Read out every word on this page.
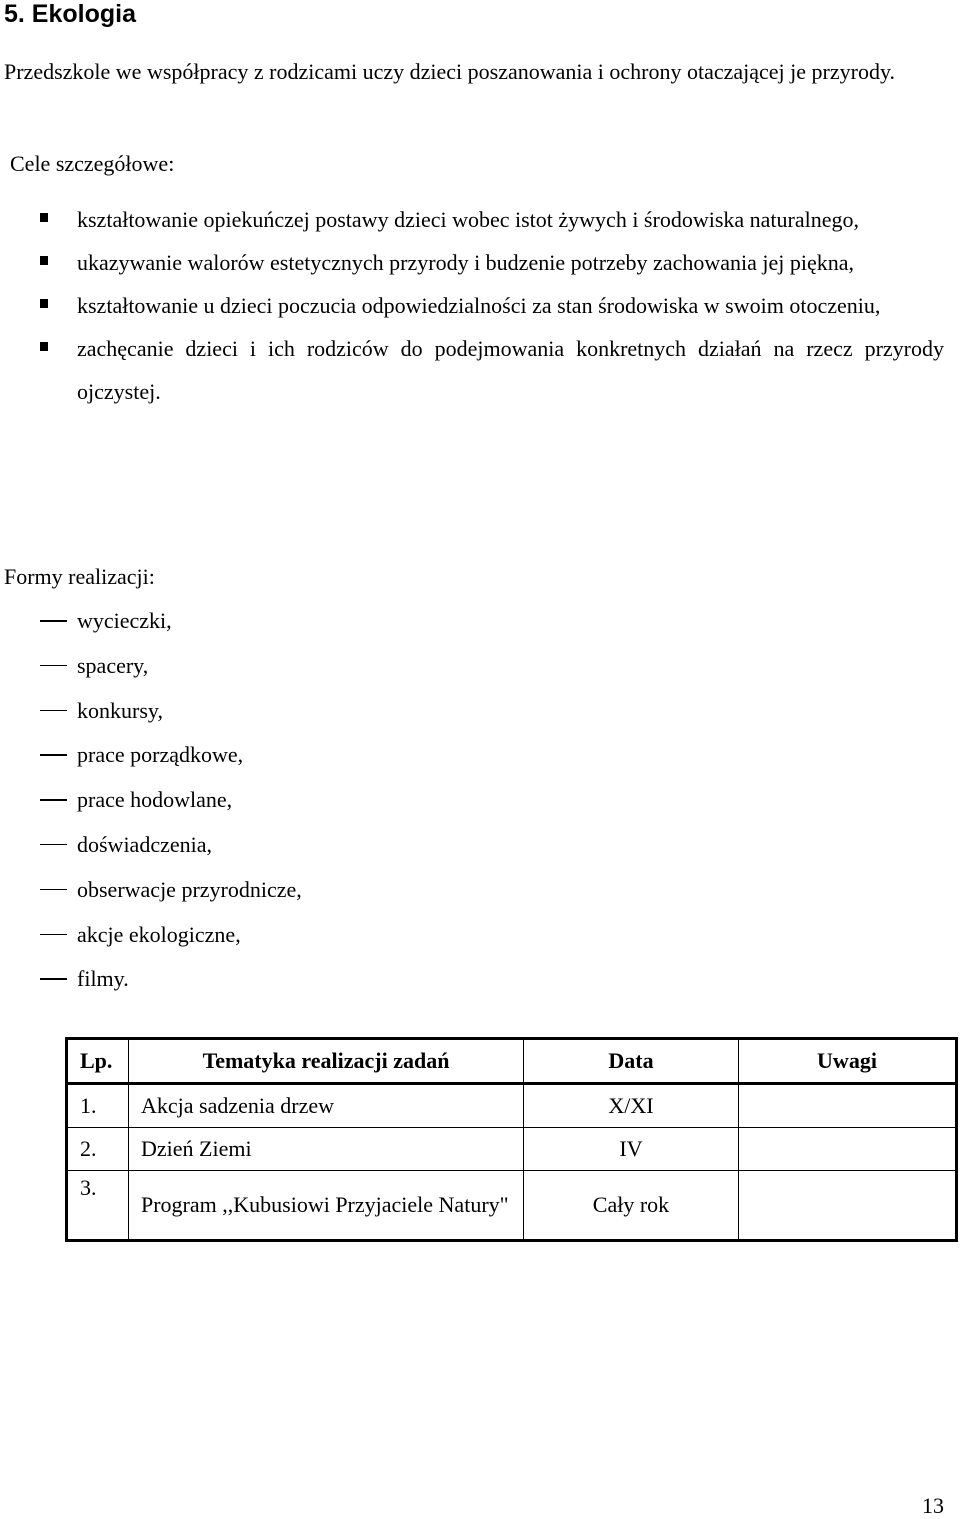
5. Ekologia
Przedszkole we współpracy z rodzicami uczy dzieci poszanowania i ochrony otaczającej je przyrody.
Cele szczegółowe:
kształtowanie opiekuńczej postawy dzieci wobec istot żywych i środowiska naturalnego,
ukazywanie walorów estetycznych przyrody i budzenie potrzeby zachowania jej piękna,
kształtowanie u dzieci poczucia odpowiedzialności za stan środowiska w swoim otoczeniu,
zachęcanie dzieci i ich rodziców do podejmowania konkretnych działań na rzecz przyrody ojczystej.
Formy realizacji:
wycieczki,
spacery,
konkursy,
prace porządkowe,
prace hodowlane,
doświadczenia,
obserwacje przyrodnicze,
akcje ekologiczne,
filmy.
Lp.	Tematyka realizacji zadań	Data	Uwagi
1.	Akcja sadzenia drzew	X/XI	
2.	Dzień Ziemi	IV	
3.	Program ,,Kubusiowi Przyjaciele Natury"	Cały rok	
13
